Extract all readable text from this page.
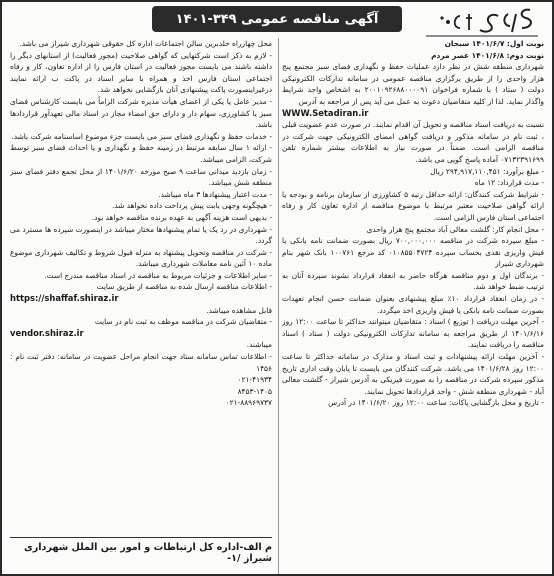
آگهی مناقصه عمومی ۳۴۹-۱۴۰۱

نوبت اول: ۱۴۰۱/۶/۷ سبحان

نوبت دوم: ۱۴۰۱/۶/۸ عصر مردم

شهرداری منطقه شش در نظر دارد عملیات حفظ و نگهداری فضای سبز مجتمع پنج هزار واحدی را از طریق برگزاری مناقصه عمومی در سامانه تدارکات الکترونیکی دولت ( ستاد ) با شماره فراخوان ۲۰۰۱۰۹۲۶۸۸۰۰۰۰۹۱ به اشخاص واجد شرایط واگذار نماید. لذا از کلیه متقاضیان دعوت به عمل می آید پس از مراجعه به آدرس

WWW.Setadiran.ir

نسبت به دریافت اسناد مناقصه و تحویل آن اقدام نمایند. در صورت عدم عضویت قبلی ، ثبت نام در سامانه مذکور و دریافت گواهی امضای الکترونیکی جهت شرکت در مناقصه الزامی است. ضمناً در صورت نیاز به اطلاعات بیشتر شماره تلفن ۰۷۱۳۲۳۹۱۶۹۹ آماده پاسخ گویی می باشد.

- مبلغ برآورد: ۲۹۴,۹۱۷,۱۱۰,۴۵۱ ریال

- مدت قرارداد: ۱۲ ماه

- شرایط شرکت کنندگان: ارائه حداقل رتبه ۵ کشاورزی از سازمان برنامه و بودجه یا ارائه گواهی صلاحیت معتبر مرتبط با موضوع مناقصه از اداره تعاون کار و رفاه اجتماعی استان فارس الزامی است.

- محل انجام کار: گلشت معالی آباد مجتمع پنج هزار واحدی

- مبلغ سپرده شرکت در مناقصه ۷۰۰,۰۰۰,۰۰۰ ریال بصورت ضمانت نامه بانکی یا فیش واریزی نقدی بحساب سپرده ۰۱۰۸۵۵۰۴۷۲۴ کد مرجع ۱۰۰۷۶۱ بانک شهر بنام شهرداری شیراز

- برندگان اول و دوم مناقصه هرگاه حاضر به انعقاد قرارداد نشوند سپرده آنان به ترتیب ضبط خواهد شد.

- در زمان انعقاد قرارداد ۱۰٪ مبلغ پیشنهادی بعنوان ضمانت حسن انجام تعهدات بصورت ضمانت نامه بانکی یا فیش واریزی اخذ میگردد.

- آخرین مهلت دریافت ( توزیع ) اسناد : متقاضیان میتوانند حداکثر تا ساعت ۱۲:۰۰ روز ۱۴۰۱/۶/۱۶ از طریق مراجعه به سامانه تدارکات الکترونیکی دولت ( ستاد ) اسناد مناقصه را دریافت نمایند.

- آخرین مهلت ارائه پیشنهادات و ثبت اسناد و مدارک در سامانه حداکثر تا ساعت ۱۲:۰۰ روز ۱۴۰۱/۶/۲۸ می باشد. شرکت کنندگان می بایست تا پایان وقت اداری تاریخ مذکور سپرده شرکت در مناقصه را به صورت فیزیکی به آدرس شیراز - گلشت معالی آباد - شهرداری منطقه شش - واحد قراردادها تحویل نمایند.

- تاریخ و محل بازگشایی پاکات: ساعت ۱۲:۰۰ روز ۱۴۰۱/۶/۲۰ در آدرس

محل چهارراه خلدبرین سالن اجتماعات اداره کل حقوقی شهرداری شیراز می باشد.

- لازم به ذکر است شرکتهایی که گواهی صلاحیت (مجوز فعالیت) از استانهای دیگر را داشته باشند می بایست مجوز فعالیت در استان فارس را از اداره تعاون، کار و رفاه اجتماعی استان فارس اخذ و همراه با سایر اسناد در پاکت ب ارائه نمایند درغیراینصورت پاکت پیشنهادی آنان بازگشایی نخواهد شد.

- مدیر عامل یا یکی از اعضای هیأت مدیره شرکت الزاماً می بایست کارشناس فضای سبز یا کشاورزی، سهام دار و دارای حق امضاء مجاز در اسناد مالی تعهدآور قراردادها باشد.

- خدمات حفظ و نگهداری فضای سبز می بایست جزء موضوع اساسنامه شرکت باشد.

- ارائه ۱ سال سابقه مرتبط در زمینه حفظ و نگهداری و یا احداث فضای سبز توسط شرکت، الزامی میباشد.

- زمان بازدید میدانی ساعت ۹ صبح مورخه ۱۴۰۱/۶/۲۰ از محل تجمع دفتر فضای سبز منطقه شش میباشد.

- مدت اعتبار پیشنهادها ۳ ماه میباشد.

- هیچگونه وجهی بابت پیش پرداخت داده نخواهد شد.

- بدیهی است هزینه آگهی به عهده برنده مناقصه خواهد بود.

- شهرداری در رد یک یا تمام پیشنهادها مختار میباشد در اینصورت سپرده ها مسترد می گردد.

- شرکت در مناقصه وتحویل پیشنهاد به منزله قبول شروط و تکالیف شهرداری موضوع ماده ۱۰ آئین نامه معاملات شهرداری میباشد.

- سایر اطلاعات و جزئیات مربوط به مناقصه در اسناد مناقصه مندرج است.

- اطلاعات مناقصه ارسال شده به مناقصه از طریق سایت

https://shaffaf.shiraz.ir

قابل مشاهده میباشد.

- متقاضیان شرکت در مناقصه موظف به ثبت نام در سایت

vendor.shiraz.ir

میباشند.

- اطلاعات تماس سامانه ستاد جهت انجام مراحل عضویت در سامانه: دفتر ثبت نام : ۱۴۵۶

۰۲۱-۴۱۹۳۴

۸۴۵۳-۱۴۰۵

۰۲۱-۸۸۹۶۹۷۳۷

م الف-اداره کل ارتباطات و امور بین الملل شهرداری شیراز /۱-
